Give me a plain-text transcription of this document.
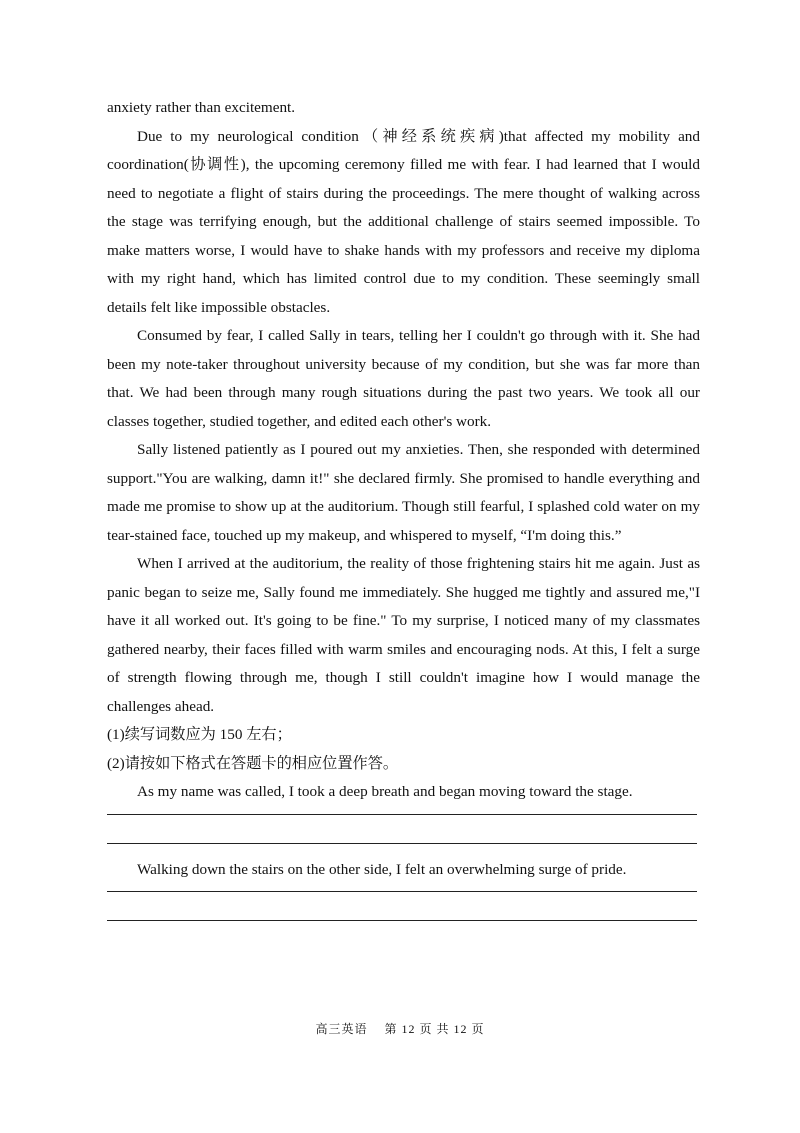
anxiety rather than excitement.

Due to my neurological condition（神经系统疾病)that affected my mobility and coordination(协调性), the upcoming ceremony filled me with fear. I had learned that I would need to negotiate a flight of stairs during the proceedings. The mere thought of walking across the stage was terrifying enough, but the additional challenge of stairs seemed impossible. To make matters worse, I would have to shake hands with my professors and receive my diploma with my right hand, which has limited control due to my condition. These seemingly small details felt like impossible obstacles.

Consumed by fear, I called Sally in tears, telling her I couldn't go through with it. She had been my note-taker throughout university because of my condition, but she was far more than that. We had been through many rough situations during the past two years. We took all our classes together, studied together, and edited each other's work.

Sally listened patiently as I poured out my anxieties. Then, she responded with determined support."You are walking, damn it!" she declared firmly. She promised to handle everything and made me promise to show up at the auditorium. Though still fearful, I splashed cold water on my tear-stained face, touched up my makeup, and whispered to myself, “I'm doing this.”

When I arrived at the auditorium, the reality of those frightening stairs hit me again. Just as panic began to seize me, Sally found me immediately. She hugged me tightly and assured me,"I have it all worked out. It's going to be fine." To my surprise, I noticed many of my classmates gathered nearby, their faces filled with warm smiles and encouraging nods. At this, I felt a surge of strength flowing through me, though I still couldn't imagine how I would manage the challenges ahead.

(1)续写词数应为 150 左右；

(2)请按如下格式在答题卡的相应位置作答。

As my name was called, I took a deep breath and began moving toward the stage.

Walking down the stairs on the other side, I felt an overwhelming surge of pride.

高三英语　 第 12 页 共 12 页
